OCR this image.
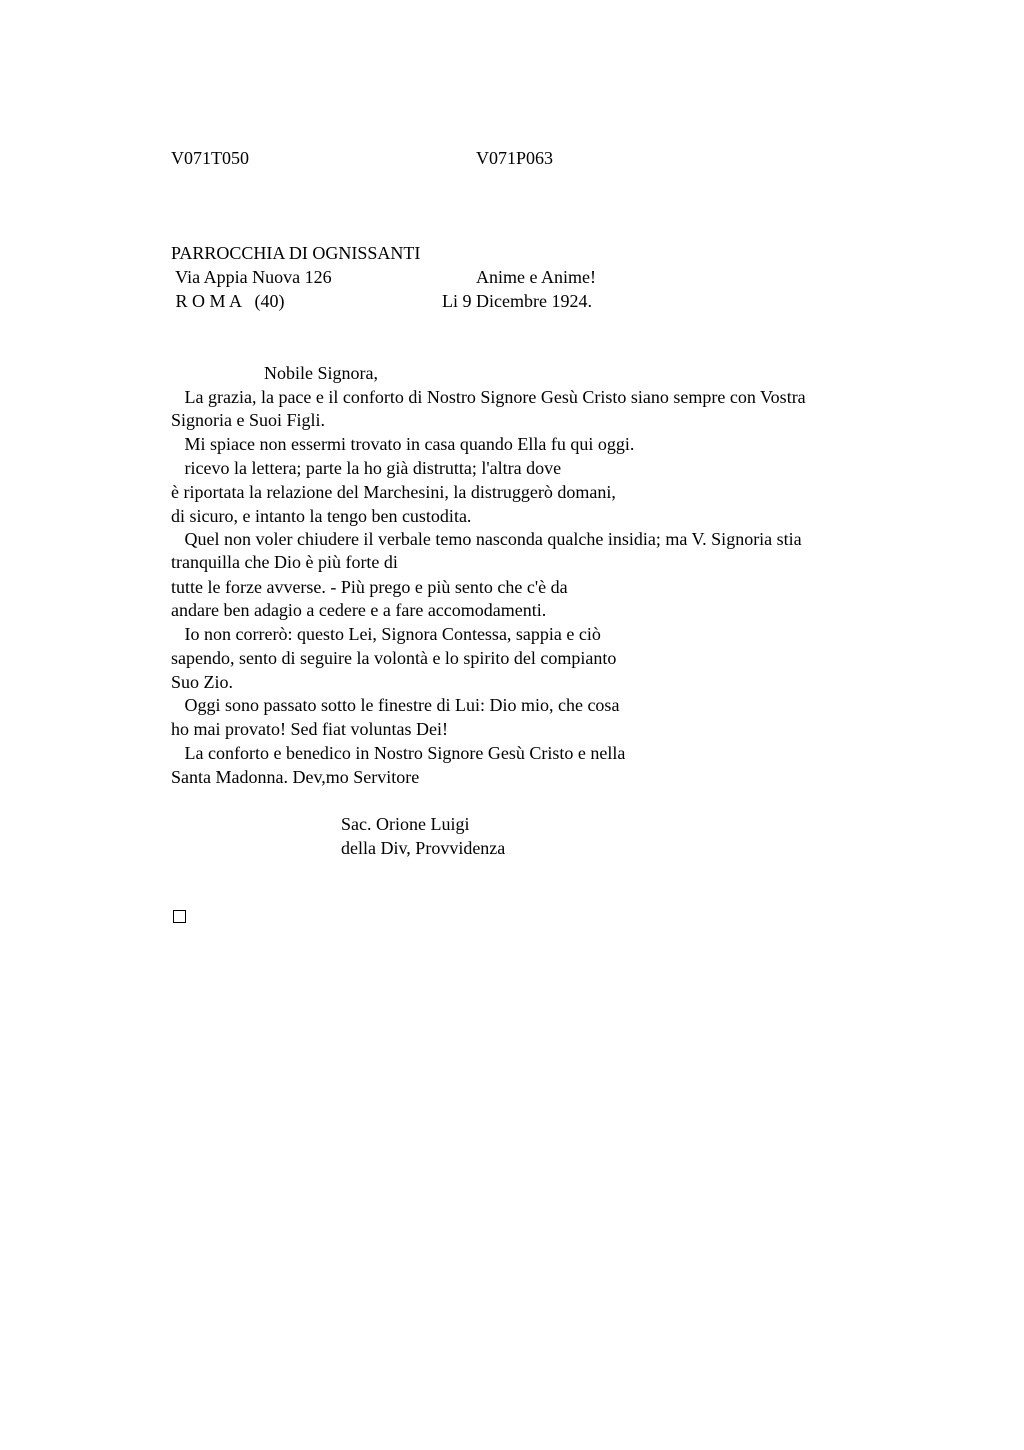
V071T050	V071P063
PARROCCHIA DI OGNISSANTI
Via Appia Nuova 126	Anime e Anime!
R O M A   (40)	Li 9 Dicembre 1924.
Nobile Signora,
La grazia, la pace e il conforto di Nostro Signore Gesù Cristo siano sempre con Vostra
Signoria e Suoi Figli.
Mi spiace non essermi trovato in casa quando Ella fu qui oggi.
ricevo la lettera; parte la ho già distrutta; l'altra dove
è riportata la relazione del Marchesini, la distruggerò domani,
di sicuro, e intanto la tengo ben custodita.
Quel non voler chiudere il verbale temo nasconda qualche insidia; ma V. Signoria stia
tranquilla che Dio è più forte di
tutte le forze avverse. - Più prego e più sento che c'è da
andare ben adagio a cedere e a fare accomodamenti.
Io non correrò: questo Lei, Signora Contessa, sappia e ciò
sapendo, sento di seguire la volontà e lo spirito del compianto
Suo Zio.
Oggi sono passato sotto le finestre di Lui: Dio mio, che cosa
ho mai provato! Sed fiat voluntas Dei!
La conforto e benedico in Nostro Signore Gesù Cristo e nella
Santa Madonna. Dev,mo Servitore
Sac. Orione Luigi
della Div, Provvidenza
